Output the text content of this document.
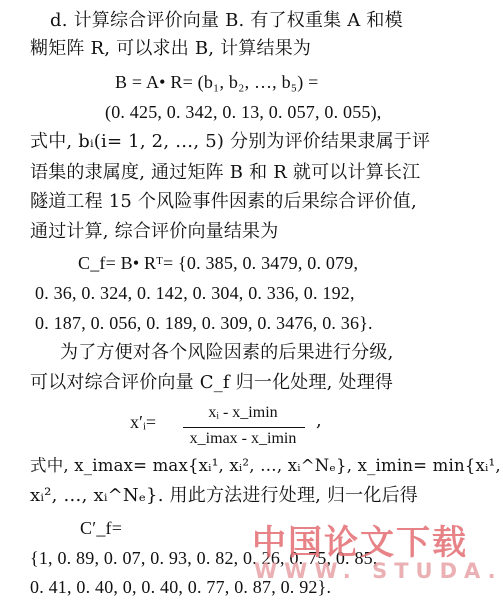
d. 计算综合评价向量 B. 有了权重集 A 和模
糊矩阵 R, 可以求出 B, 计算结果为
B = A• R= (b₁, b₂, …, b₅) =
(0. 425, 0. 342, 0. 13, 0. 057, 0. 055),
式中, bᵢ(i= 1, 2, …, 5) 分别为评价结果隶属于评
语集的隶属度, 通过矩阵 B 和 R 就可以计算长江
隧道工程 15 个风险事件因素的后果综合评价值,
通过计算, 综合评价向量结果为
C_f= B• Rᵀ= {0. 385, 0. 3479, 0. 079,
0. 36, 0. 324, 0. 142, 0. 304, 0. 336, 0. 192,
0. 187, 0. 056, 0. 189, 0. 309, 0. 3476, 0. 36}.
为了方便对各个风险因素的后果进行分级,
可以对综合评价向量 C_f 归一化处理, 处理得
x′ᵢ=	xᵢ - x_imin
x_imax - x_imin
,
式中, x_imax= max{xᵢ¹, xᵢ², …, xᵢ^Nₑ}, x_imin= min{xᵢ¹,
xᵢ², …, xᵢ^Nₑ}. 用此方法进行处理, 归一化后得
C′_f=
{1, 0. 89, 0. 07, 0. 93, 0. 82, 0. 26, 0. 75, 0. 85,
0. 41, 0. 40, 0, 0. 40, 0. 77, 0. 87, 0. 92}.
中国论文下载
WWW. STUDA.
